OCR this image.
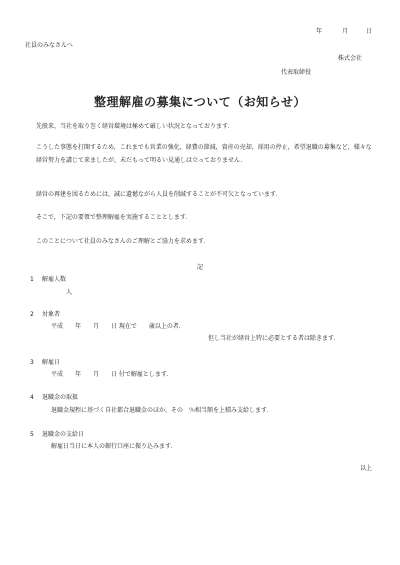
年	月	日
社員のみなさんへ
株式会社
代表取締役
整理解雇の募集について（お知らせ）
先般来，当社を取り巻く経営環境は極めて厳しい状況となっております．
こうした事態を打開するため，これまでも営業の強化，経費の節減，資産の売却，採用の停止，希望退職の募集など，様々な経営努力を講じて来ましたが，未だもって明るい見通しは立っておりません．
経営の再建を図るためには，誠に遺憾ながら人員を削減することが不可欠となっています．
そこで，下記の要領で整理解雇を実施することとします．
このことについて社員のみなさんのご理解とご協力を求めます．
記
1 解雇人数
人
2 対象者
平成　　年　　月　　日 現在で　　歳以上の者．
但し当社が経営上特に必要とする者は除きます．
3 解雇日
平成　　年　　月　　日 付で解雇とします．
4 退職金の取扱
退職金規程に基づく自社都合退職金のほか，その　％相当額を上積み支給します．
5 退職金の支給日
解雇日当日に本人の銀行口座に振り込みます．
以上
